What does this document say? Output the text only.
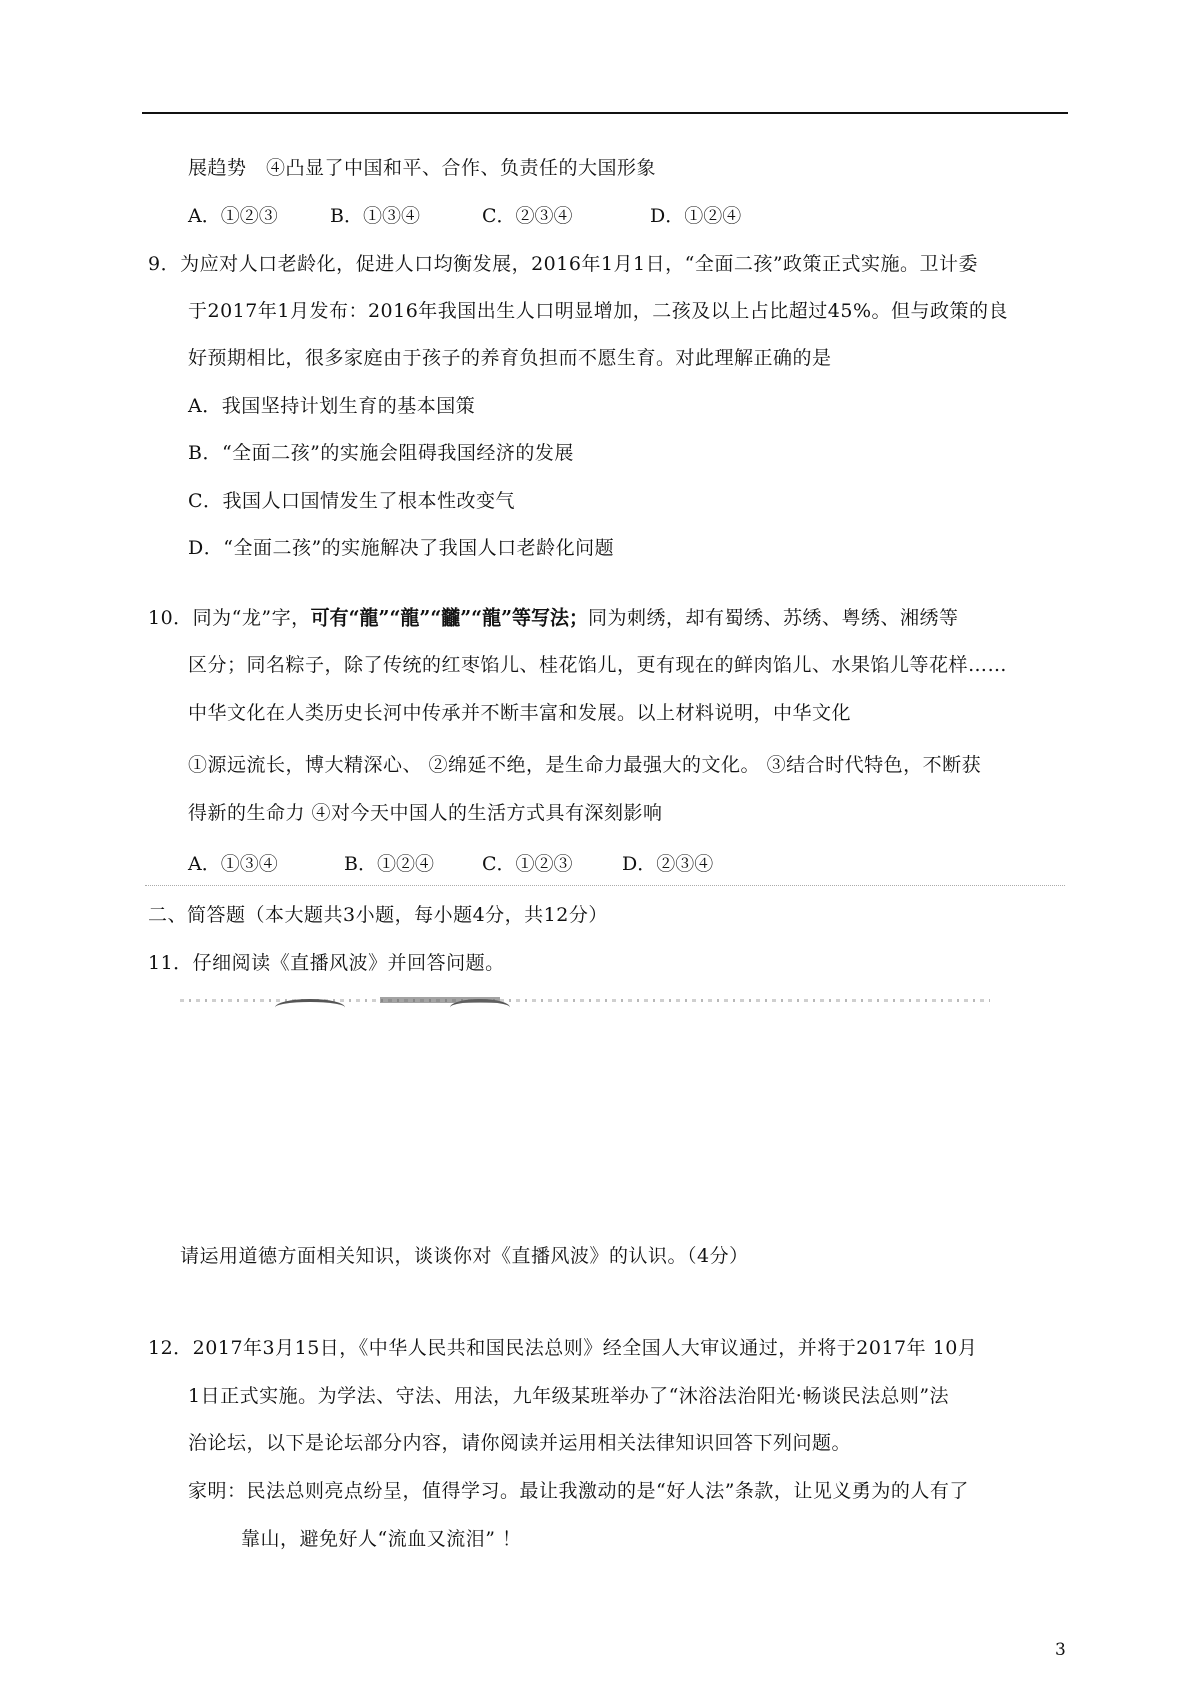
展趋势　④凸显了中国和平、合作、负责任的大国形象
A．①②③	B．①③④	C．②③④	D．①②④
9．为应对人口老龄化，促进人口均衡发展，2016年1月1日，“全面二孩”政策正式实施。卫计委
于2017年1月发布：2016年我国出生人口明显增加，二孩及以上占比超过45%。但与政策的良
好预期相比，很多家庭由于孩子的养育负担而不愿生育。对此理解正确的是
A．我国坚持计划生育的基本国策
B．“全面二孩”的实施会阻碍我国经济的发展
C．我国人口国情发生了根本性改变气
D．“全面二孩”的实施解决了我国人口老龄化问题
10．同为“龙”字，可有“龍”“龍”“龖”“龍”等写法；同为刺绣，却有蜀绣、苏绣、粤绣、湘绣等
区分；同名粽子，除了传统的红枣馅儿、桂花馅儿，更有现在的鲜肉馅儿、水果馅儿等花样……
中华文化在人类历史长河中传承并不断丰富和发展。以上材料说明，中华文化
①源远流长，博大精深心、 ②绵延不绝，是生命力最强大的文化。 ③结合时代特色，不断获
得新的生命力 ④对今天中国人的生活方式具有深刻影响
A．①③④	B．①②④	C．①②③	D．②③④
二、简答题（本大题共3小题，每小题4分，共12分）
11．仔细阅读《直播风波》并回答问题。
请运用道德方面相关知识，谈谈你对《直播风波》的认识。（4分）
12．2017年3月15日，《中华人民共和国民法总则》经全国人大审议通过，并将于2017年 10月
1日正式实施。为学法、守法、用法，九年级某班举办了“沐浴法治阳光·畅谈民法总则”法
治论坛，以下是论坛部分内容，请你阅读并运用相关法律知识回答下列问题。
家明：民法总则亮点纷呈，值得学习。最让我激动的是“好人法”条款，让见义勇为的人有了
靠山，避免好人“流血又流泪” ！
3
